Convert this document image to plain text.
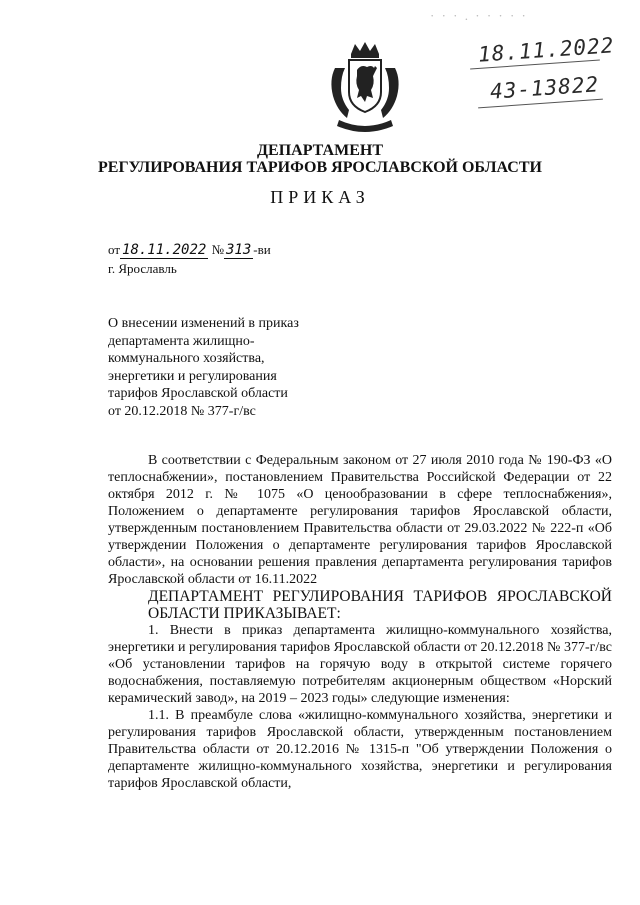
· · · . · · · · ·
18.11.2022
43-13822
ДЕПАРТАМЕНТ
РЕГУЛИРОВАНИЯ ТАРИФОВ ЯРОСЛАВСКОЙ ОБЛАСТИ
ПРИКАЗ
от 18.11.2022 № 313 -ви
г. Ярославль
О внесении изменений в приказ
департамента жилищно-
коммунального хозяйства,
энергетики и регулирования
тарифов Ярославской области
от 20.12.2018 № 377-г/вс

В соответствии с Федеральным законом от 27 июля 2010 года № 190-ФЗ «О теплоснабжении», постановлением Правительства Российской Федерации от 22 октября 2012 г. № 1075 «О ценообразовании в сфере теплоснабжения», Положением о департаменте регулирования тарифов Ярославской области, утвержденным постановлением Правительства области от 29.03.2022 № 222-п «Об утверждении Положения о департаменте регулирования тарифов Ярославской области», на основании решения правления департамента регулирования тарифов Ярославской области от 16.11.2022

ДЕПАРТАМЕНТ РЕГУЛИРОВАНИЯ ТАРИФОВ ЯРОСЛАВСКОЙ

ОБЛАСТИ ПРИКАЗЫВАЕТ:

1. Внести в приказ департамента жилищно-коммунального хозяйства, энергетики и регулирования тарифов Ярославской области от 20.12.2018 № 377-г/вс «Об установлении тарифов на горячую воду в открытой системе горячего водоснабжения, поставляемую потребителям акционерным обществом «Норский керамический завод», на 2019 – 2023 годы» следующие изменения:

1.1. В преамбуле слова «жилищно-коммунального хозяйства, энергетики и регулирования тарифов Ярославской области, утвержденным постановлением Правительства области от 20.12.2016 № 1315-п "Об утверждении Положения о департаменте жилищно-коммунального хозяйства, энергетики и регулирования тарифов Ярославской области,
